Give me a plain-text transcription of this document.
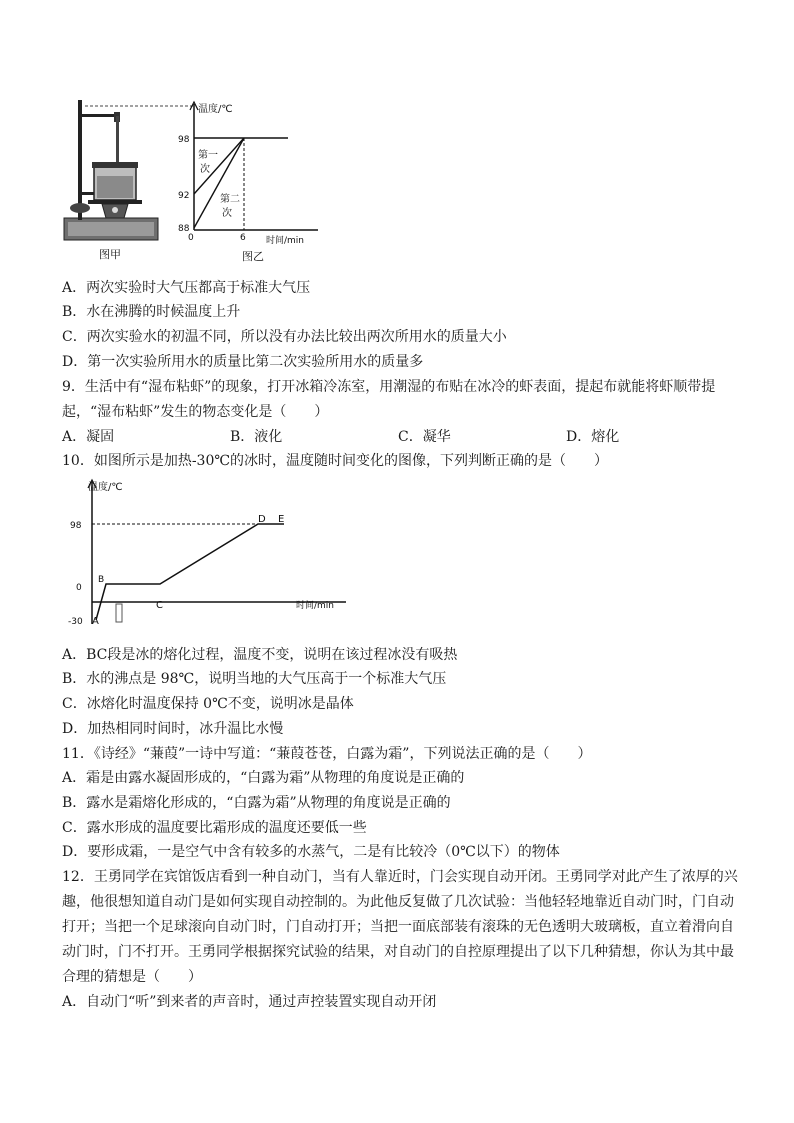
图甲
温度/℃
时间/min
98
92
88
0	6
第 一
次
第 二
次
图乙
A．两次实验时大气压都高于标准大气压
B．水在沸腾的时候温度上升
C．两次实验水的初温不同，所以没有办法比较出两次所用水的质量大小
D．第一次实验所用水的质量比第二次实验所用水的质量多
9．生活中有“湿布粘虾”的现象，打开冰箱冷冻室，用潮湿的布贴在冰冷的虾表面，提起布就能将虾顺带提
起，“湿布粘虾”发生的物态变化是（　　）
A．凝固	B．液化	C．凝华	D．熔化
10．如图所示是加热-30℃的冰时，温度随时间变化的图像，下列判断正确的是（　　）
温度/℃
时间/min
98
0
-30 A
B
C
D E
A．BC段是冰的熔化过程，温度不变，说明在该过程冰没有吸热
B．水的沸点是 98℃，说明当地的大气压高于一个标准大气压
C．冰熔化时温度保持 0℃不变，说明冰是晶体
D．加热相同时间时，冰升温比水慢
11．《诗经》“蒹葭”一诗中写道：“蒹葭苍苍，白露为霜”，下列说法正确的是（　　）
A．霜是由露水凝固形成的，“白露为霜”从物理的角度说是正确的
B．露水是霜熔化形成的，“白露为霜”从物理的角度说是正确的
C．露水形成的温度要比霜形成的温度还要低一些
D．要形成霜，一是空气中含有较多的水蒸气，二是有比较冷（0℃以下）的物体
12．王勇同学在宾馆饭店看到一种自动门，当有人靠近时，门会实现自动开闭。王勇同学对此产生了浓厚的兴
趣，他很想知道自动门是如何实现自动控制的。为此他反复做了几次试验：当他轻轻地靠近自动门时，门自动
打开；当把一个足球滚向自动门时，门自动打开；当把一面底部装有滚珠的无色透明大玻璃板，直立着滑向自
动门时，门不打开。王勇同学根据探究试验的结果，对自动门的自控原理提出了以下几种猜想，你认为其中最
合理的猜想是（　　）
A．自动门“听”到来者的声音时，通过声控装置实现自动开闭
